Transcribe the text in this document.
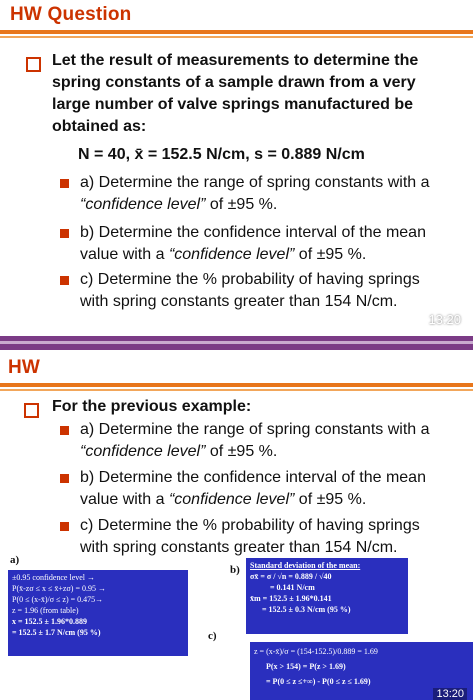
HW Question
Let the result of measurements to determine the spring constants of a sample drawn from a very large number of valve springs manufactured be obtained as:
N = 40, x̄ = 152.5 N/cm, s = 0.889 N/cm
a) Determine the range of spring constants with a “confidence level” of ±95 %.
b) Determine the confidence interval of the mean value with a “confidence level” of ±95 %.
c) Determine the % probability of having springs with spring constants greater than 154 N/cm.
13:20
HW
For the previous example:
a) Determine the range of spring constants with a “confidence level” of ±95 %.
b) Determine the confidence interval of the mean value with a “confidence level” of ±95 %.
c) Determine the % probability of having springs with spring constants greater than 154 N/cm.
a)
b)
c)
±0.95 confidence level →
P(x̄-zσ ≤ x ≤ x̄+zσ) = 0.95 →
P(0 ≤ (x-x̄)/σ ≤ z) = 0.475→
z = 1.96 (from table)
x = 152.5 ± 1.96*0.889
= 152.5 ± 1.7 N/cm (95 %)
Standard deviation of the mean:
σx̄ = σ / √n = 0.889 / √40
= 0.141 N/cm
x̄m = 152.5 ± 1.96*0.141
= 152.5 ± 0.3 N/cm (95 %)
z = (x-x̄)/σ = (154-152.5)/0.889 = 1.69
P(x > 154) = P(z > 1.69)
= P(0 ≤ z ≤+∞) - P(0 ≤ z ≤ 1.69)
13:20
